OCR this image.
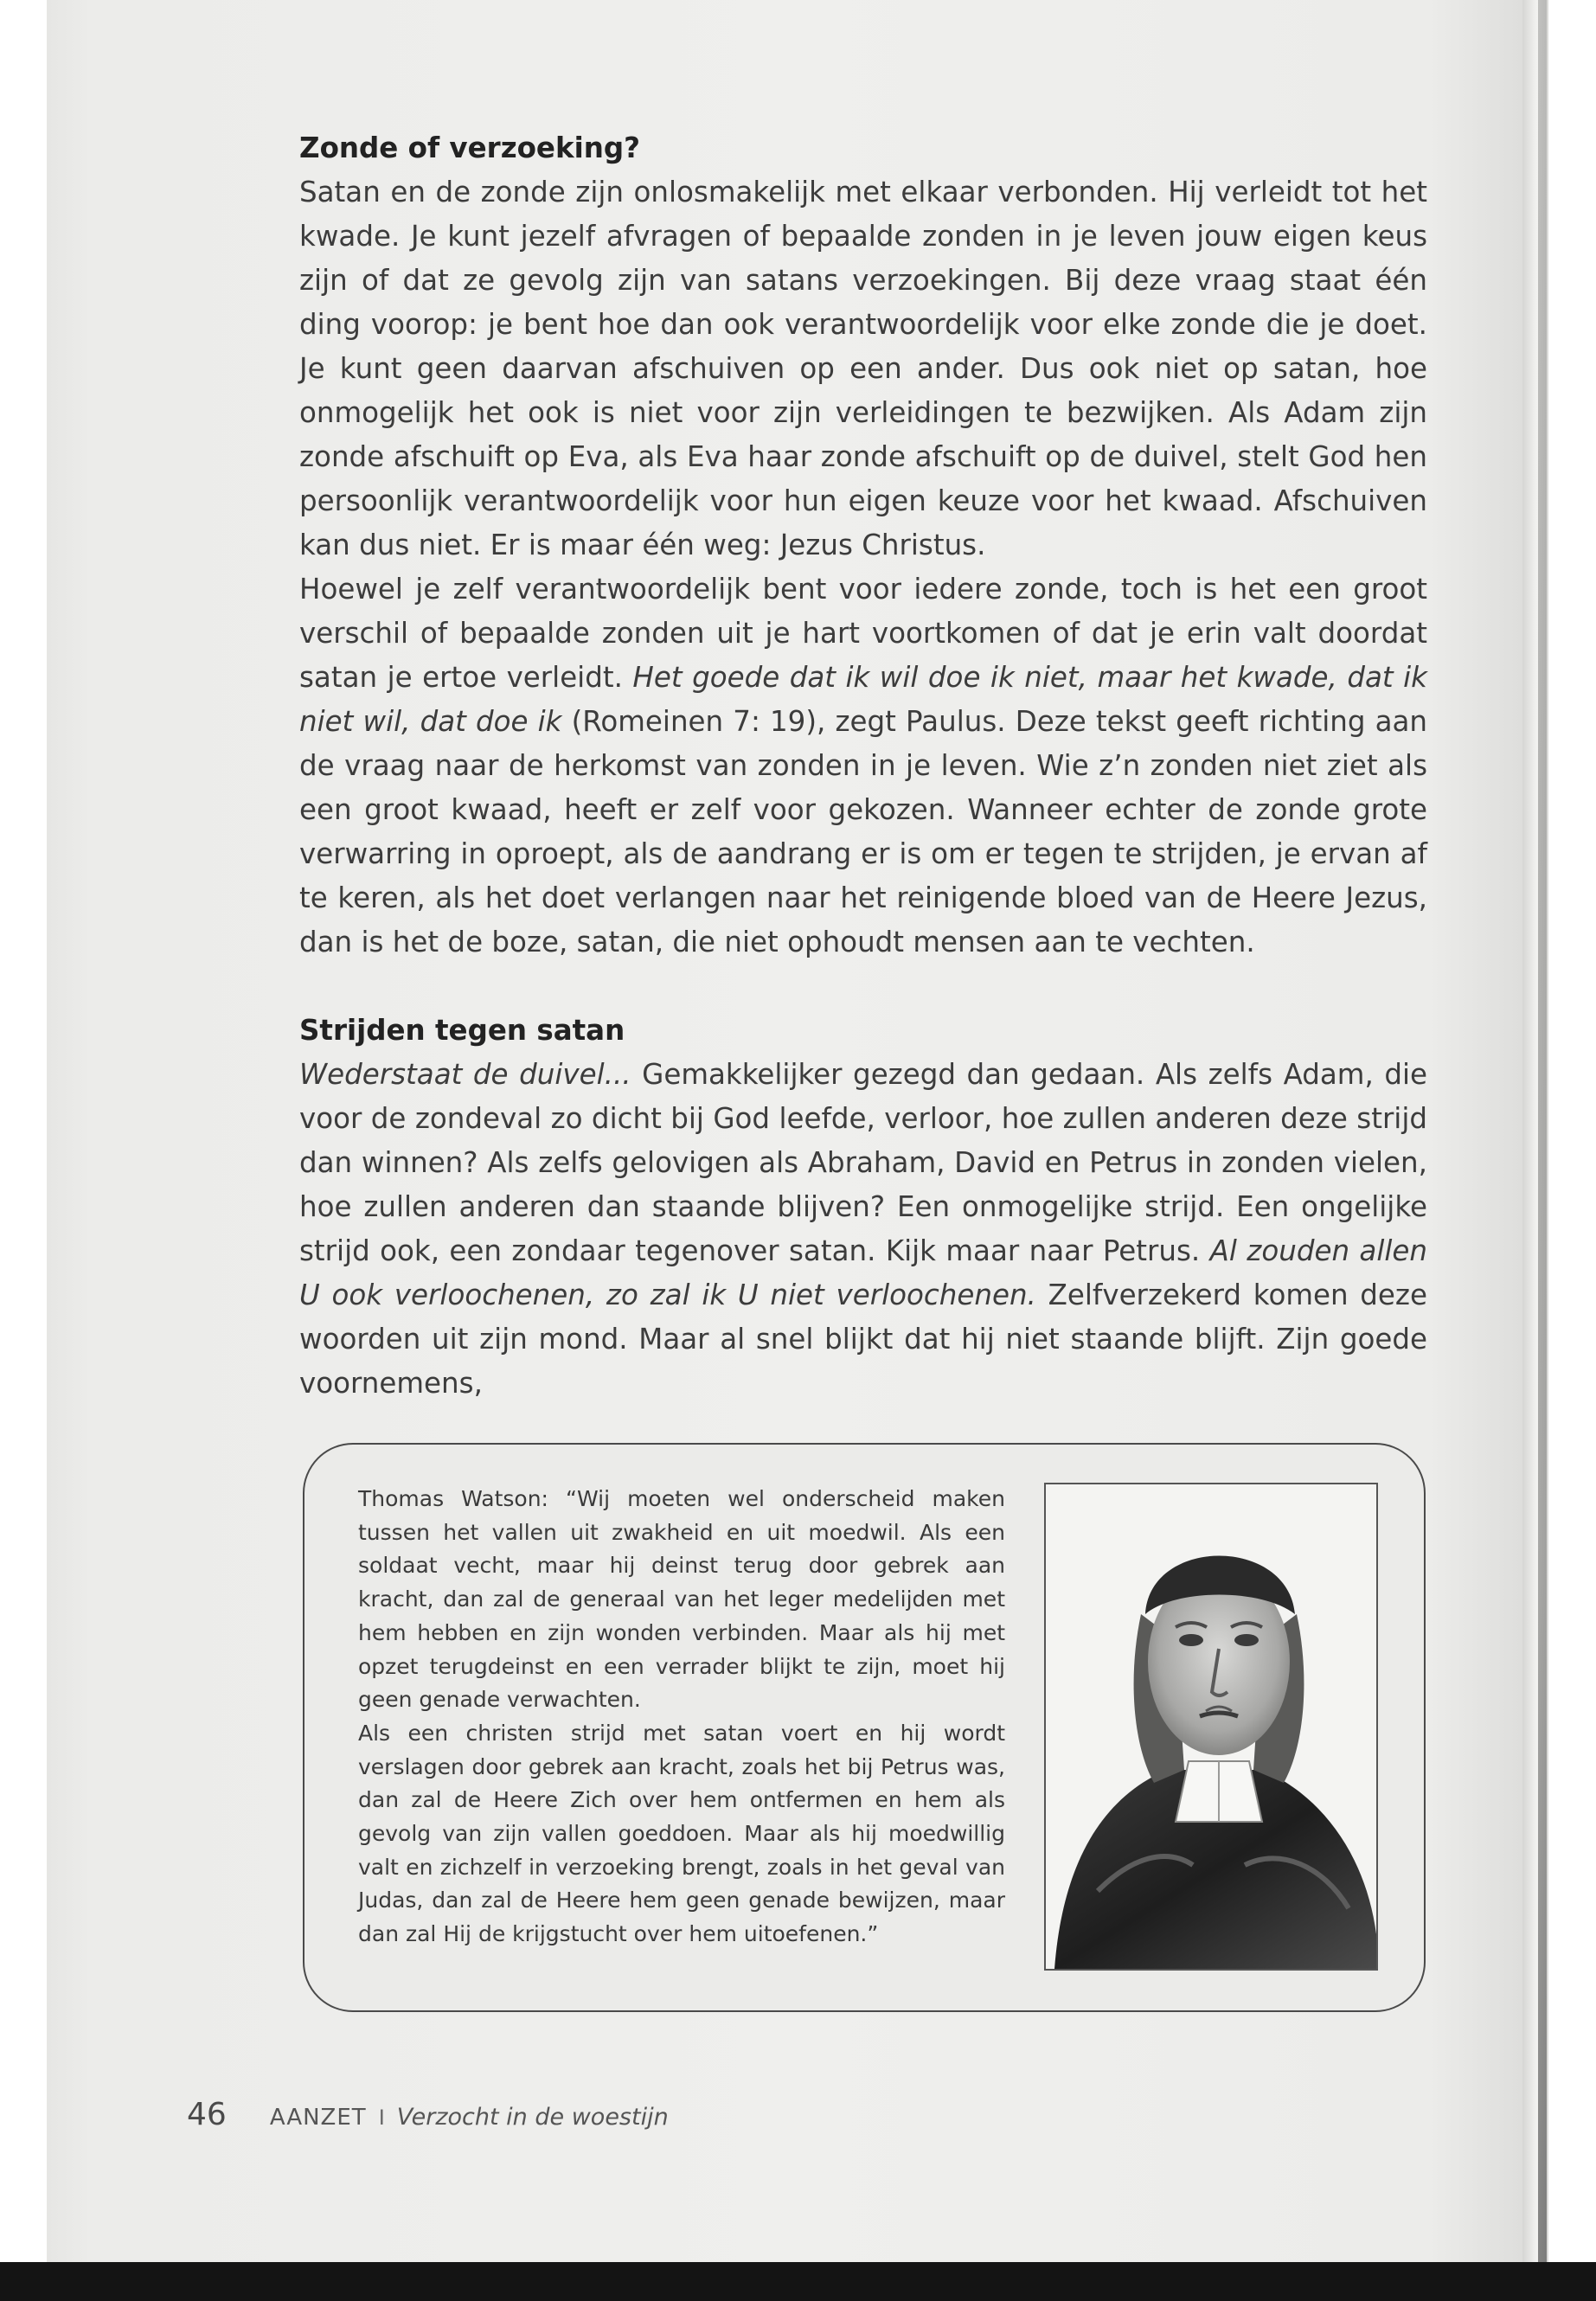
Zonde of verzoeking?

Satan en de zonde zijn onlosmakelijk met elkaar verbonden. Hij verleidt tot het kwade. Je kunt jezelf afvragen of bepaalde zonden in je leven jouw eigen keus zijn of dat ze gevolg zijn van satans verzoekingen. Bij deze vraag staat één ding voorop: je bent hoe dan ook verantwoordelijk voor elke zonde die je doet. Je kunt geen daarvan afschuiven op een ander. Dus ook niet op satan, hoe onmogelijk het ook is niet voor zijn verleidingen te bezwijken. Als Adam zijn zonde afschuift op Eva, als Eva haar zonde afschuift op de duivel, stelt God hen persoonlijk verantwoordelijk voor hun eigen keuze voor het kwaad. Afschuiven kan dus niet. Er is maar één weg: Jezus Christus.

Hoewel je zelf verantwoordelijk bent voor iedere zonde, toch is het een groot verschil of bepaalde zonden uit je hart voortkomen of dat je erin valt doordat satan je ertoe verleidt. Het goede dat ik wil doe ik niet, maar het kwade, dat ik niet wil, dat doe ik (Romeinen 7: 19), zegt Paulus. Deze tekst geeft richting aan de vraag naar de herkomst van zonden in je leven. Wie z’n zonden niet ziet als een groot kwaad, heeft er zelf voor gekozen. Wanneer echter de zonde grote verwarring in oproept, als de aandrang er is om er tegen te strijden, je ervan af te keren, als het doet verlangen naar het reinigende bloed van de Heere Jezus, dan is het de boze, satan, die niet ophoudt mensen aan te vechten.

Strijden tegen satan

Wederstaat de duivel... Gemakkelijker gezegd dan gedaan. Als zelfs Adam, die voor de zondeval zo dicht bij God leefde, verloor, hoe zullen anderen deze strijd dan winnen? Als zelfs gelovigen als Abraham, David en Petrus in zonden vielen, hoe zullen anderen dan staande blijven? Een onmogelijke strijd. Een ongelijke strijd ook, een zondaar tegenover satan. Kijk maar naar Petrus. Al zouden allen U ook verloochenen, zo zal ik U niet verloochenen. Zelfverzekerd komen deze woorden uit zijn mond. Maar al snel blijkt dat hij niet staande blijft. Zijn goede voornemens,

Thomas Watson: “Wij moeten wel onderscheid maken tussen het vallen uit zwakheid en uit moedwil. Als een soldaat vecht, maar hij deinst terug door gebrek aan kracht, dan zal de generaal van het leger medelijden met hem hebben en zijn wonden verbinden. Maar als hij met opzet terugdeinst en een verrader blijkt te zijn, moet hij geen genade verwachten.

Als een christen strijd met satan voert en hij wordt verslagen door gebrek aan kracht, zoals het bij Petrus was, dan zal de Heere Zich over hem ontfermen en hem als gevolg van zijn vallen goeddoen. Maar als hij moedwillig valt en zichzelf in verzoeking brengt, zoals in het geval van Judas, dan zal de Heere hem geen genade bewijzen, maar dan zal Hij de krijgstucht over hem uitoefenen.”

46 AANZET I Verzocht in de woestijn
